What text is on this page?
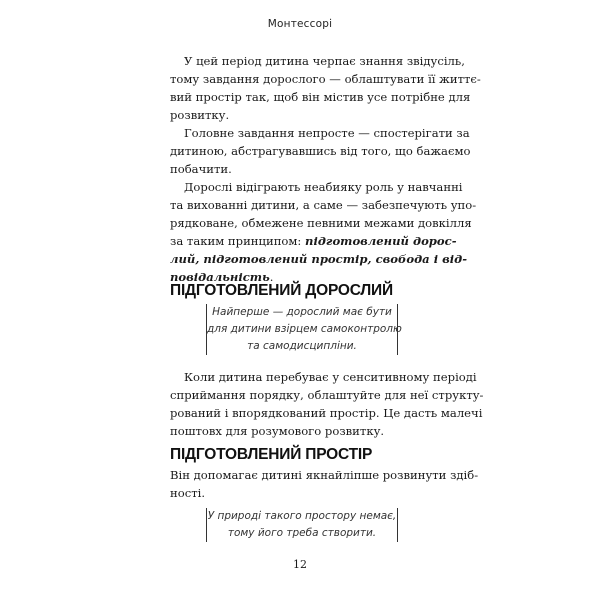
Монтессорі
У цей період дитина черпає знання звідусіль,
тому завдання дорослого — облаштувати її життє-
вий простір так, щоб він містив усе потрібне для
розвитку.
Головне завдання непросте — спостерігати за
дитиною, абстрагувавшись від того, що бажаємо
побачити.
Дорослі відіграють неабияку роль у навчанні
та вихованні дитини, а саме — забезпечують упо-
рядковане, обмежене певними межами довкілля
за таким принципом: підготовлений дорос-
лий, підготовлений простір, свобода і від-
повідальність.
ПІДГОТОВЛЕНИЙ ДОРОСЛИЙ
Найперше — дорослий має бути
для дитини взірцем самоконтролю
та самодисципліни.
Коли дитина перебуває у сенситивному періоді
сприймання порядку, облаштуйте для неї структу-
рований і впорядкований простір. Це дасть малечі
поштовх для розумового розвитку.
ПІДГОТОВЛЕНИЙ ПРОСТІР
Він допомагає дитині якнайліпше розвинути здіб-
ності.
У природі такого простору немає,
тому його треба створити.
12
